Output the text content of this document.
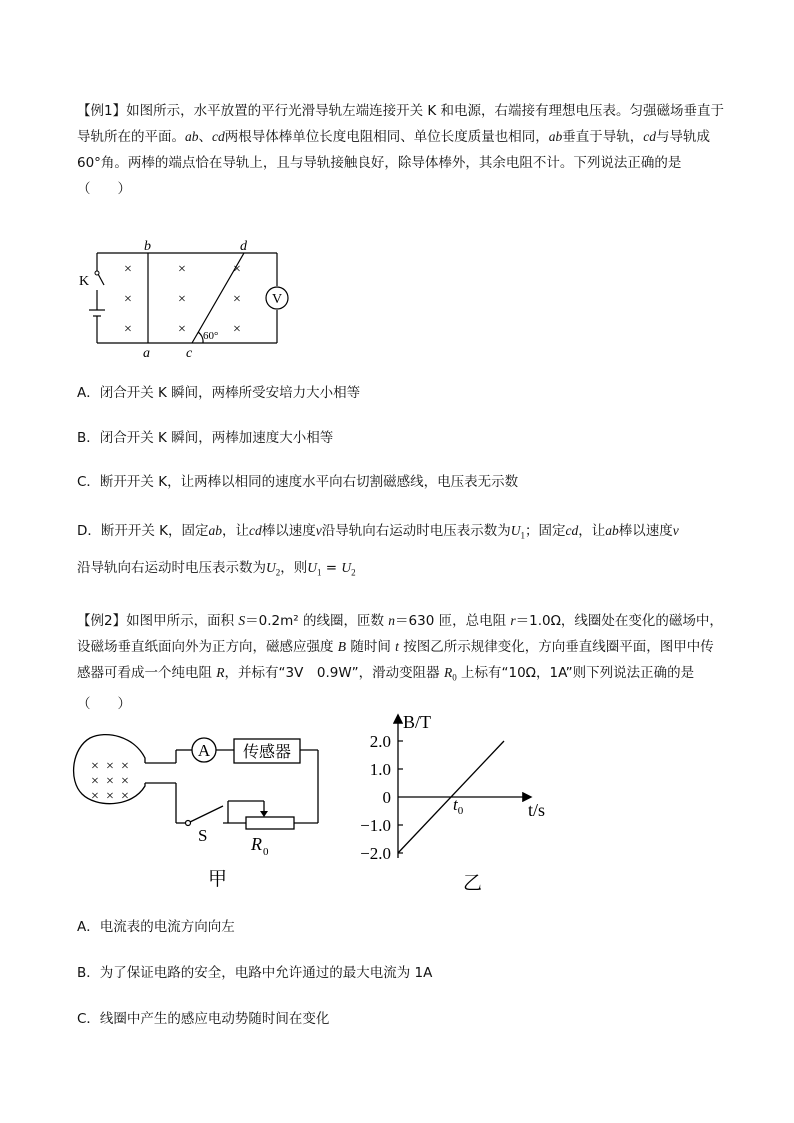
【例1】如图所示，水平放置的平行光滑导轨左端连接开关 K 和电源，右端接有理想电压表。匀强磁场垂直于导轨所在的平面。ab、cd两根导体棒单位长度电阻相同、单位长度质量也相同，ab垂直于导轨，cd与导轨成 60°角。两棒的端点恰在导轨上，且与导轨接触良好，除导体棒外，其余电阻不计。下列说法正确的是
（　　）
V
K
b	d
a	c
60°
×
×
×
×
×
×
×
×
×
A．闭合开关 K 瞬间，两棒所受安培力大小相等
B．闭合开关 K 瞬间，两棒加速度大小相等
C．断开开关 K，让两棒以相同的速度水平向右切割磁感线，电压表无示数
D．断开开关 K，固定ab，让cd棒以速度v沿导轨向右运动时电压表示数为$U_1$；固定cd，让ab棒以速度v
沿导轨向右运动时电压表示数为$U_2$，则$U_1 = U_2$
【例2】如图甲所示，面积 S＝0.2m² 的线圈，匝数 n＝630 匝，总电阻 r＝1.0Ω，线圈处在变化的磁场中，设磁场垂直纸面向外为正方向，磁感应强度 B 随时间 t 按图乙所示规律变化，方向垂直线圈平面，图甲中传感器可看成一个纯电阻 R，并标有“3V　0.9W”，滑动变阻器 $R_0$ 上标有“10Ω，1A”则下列说法正确的是（　　）
A 传感器
S R 0
甲
× × ×
× × ×
× × ×
B/T
t/s
2.0
1.0
0
−1.0
−2.0
$t_0$
乙
A．电流表的电流方向向左
B．为了保证电路的安全，电路中允许通过的最大电流为 1A
C．线圈中产生的感应电动势随时间在变化
